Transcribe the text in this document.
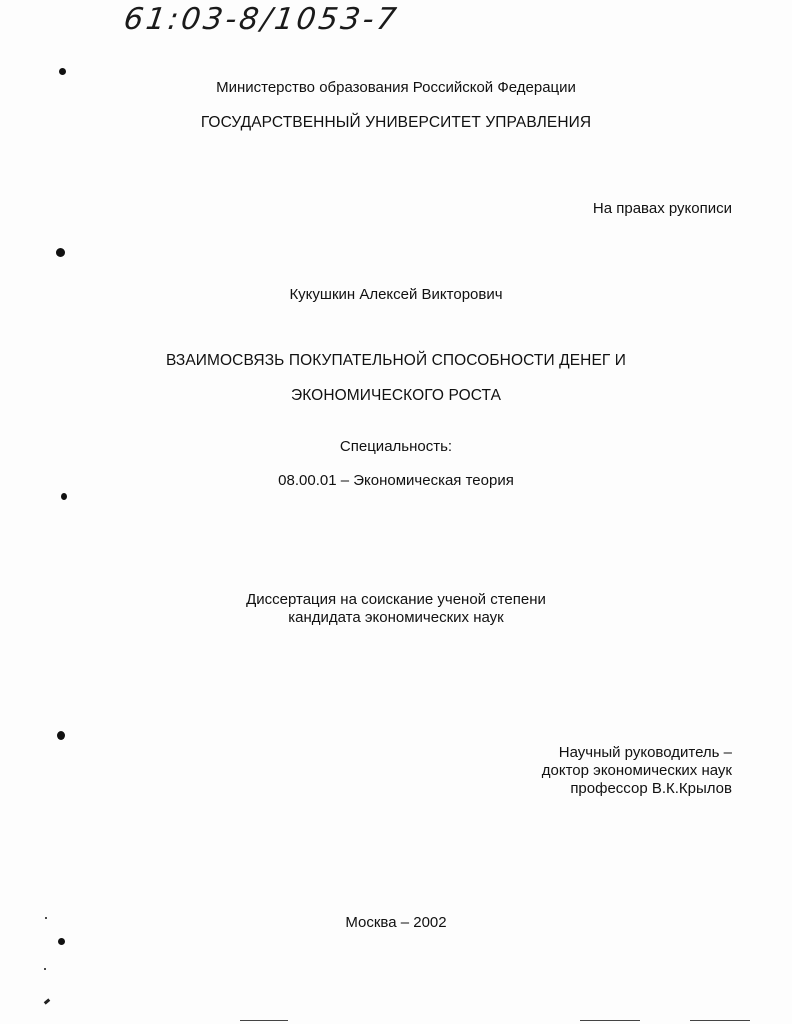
61:03-8/1053-7
Министерство образования Российской Федерации
ГОСУДАРСТВЕННЫЙ УНИВЕРСИТЕТ УПРАВЛЕНИЯ
На правах рукописи
Кукушкин Алексей Викторович
ВЗАИМОСВЯЗЬ ПОКУПАТЕЛЬНОЙ СПОСОБНОСТИ ДЕНЕГ И
ЭКОНОМИЧЕСКОГО РОСТА
Специальность:
08.00.01 – Экономическая теория
Диссертация на соискание ученой степени
кандидата экономических наук
Научный руководитель –
доктор экономических наук
профессор В.К.Крылов
Москва – 2002
